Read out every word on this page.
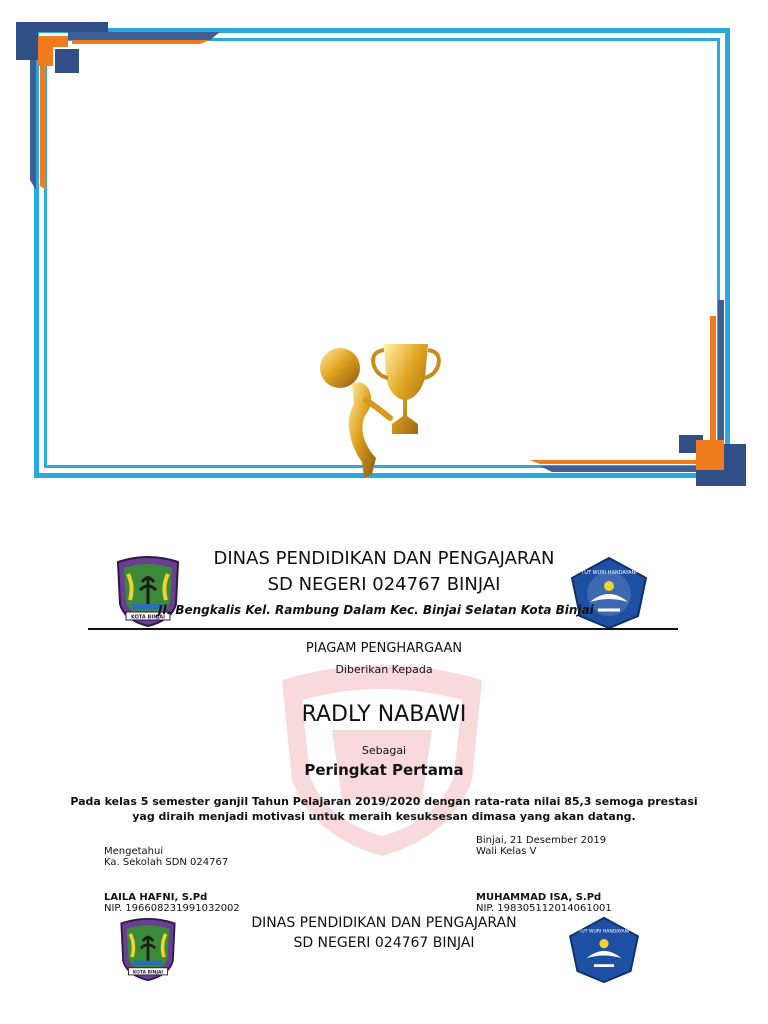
KOTA BINJAI
TUT WURI HANDAYANI
DINAS PENDIDIKAN DAN PENGAJARAN
SD NEGERI 024767 BINJAI
Jl. Bengkalis Kel. Rambung Dalam Kec. Binjai Selatan Kota Binjai
PIAGAM PENGHARGAAN
Diberikan Kepada
RADLY NABAWI
Sebagai
Peringkat Pertama
Pada kelas 5 semester ganjil Tahun Pelajaran 2019/2020 dengan rata-rata nilai 85,3 semoga prestasi
yag diraih menjadi motivasi untuk meraih kesuksesan dimasa yang akan datang.
Mengetahui
Ka. Sekolah SDN 024767
LAILA HAFNI, S.Pd
NIP. 196608231991032002
Binjai, 21 Desember 2019
Wali Kelas V
MUHAMMAD ISA, S.Pd
NIP. 198305112014061001
KOTA BINJAI
TUT WURI HANDAYANI
DINAS PENDIDIKAN DAN PENGAJARAN
SD NEGERI 024767 BINJAI
